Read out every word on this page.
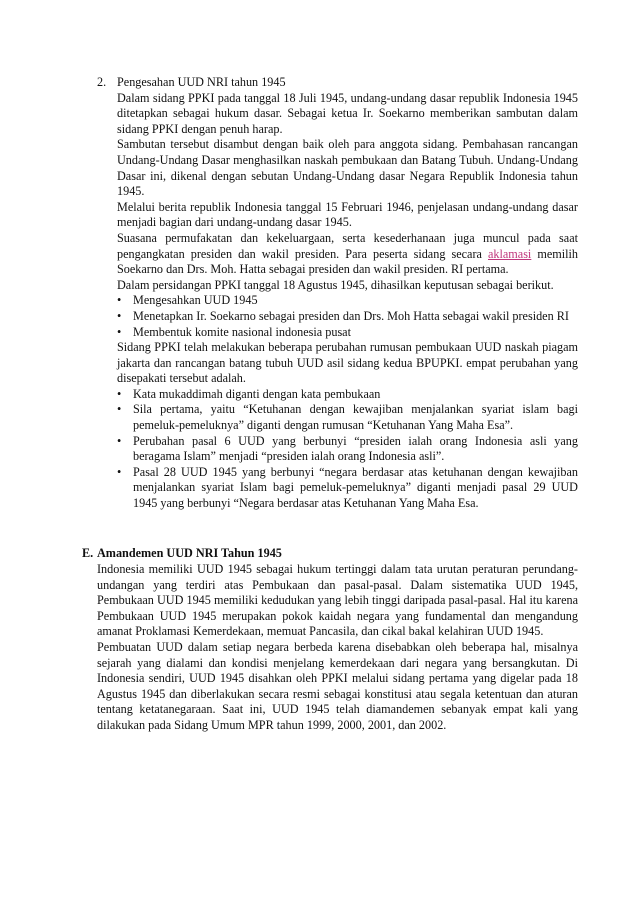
2. Pengesahan UUD NRI tahun 1945

Dalam sidang PPKI pada tanggal 18 Juli 1945, undang-undang dasar republik Indonesia 1945 ditetapkan sebagai hukum dasar. Sebagai ketua Ir. Soekarno memberikan sambutan dalam sidang PPKI dengan penuh harap.

Sambutan tersebut disambut dengan baik oleh para anggota sidang. Pembahasan rancangan Undang-Undang Dasar menghasilkan naskah pembukaan dan Batang Tubuh. Undang-Undang Dasar ini, dikenal dengan sebutan Undang-Undang dasar Negara Republik Indonesia tahun 1945.

Melalui berita republik Indonesia tanggal 15 Februari 1946, penjelasan undang-undang dasar menjadi bagian dari undang-undang dasar 1945.

Suasana permufakatan dan kekeluargaan, serta kesederhanaan juga muncul pada saat pengangkatan presiden dan wakil presiden. Para peserta sidang secara aklamasi memilih Soekarno dan Drs. Moh. Hatta sebagai presiden dan wakil presiden. RI pertama.

Dalam persidangan PPKI tanggal 18 Agustus 1945, dihasilkan keputusan sebagai berikut.

• Mengesahkan UUD 1945
• Menetapkan Ir. Soekarno sebagai presiden dan Drs. Moh Hatta sebagai wakil presiden RI
• Membentuk komite nasional indonesia pusat

Sidang PPKI telah melakukan beberapa perubahan rumusan pembukaan UUD naskah piagam jakarta dan rancangan batang tubuh UUD asil sidang kedua BPUPKI. empat perubahan yang disepakati tersebut adalah.

• Kata mukaddimah diganti dengan kata pembukaan
• Sila pertama, yaitu “Ketuhanan dengan kewajiban menjalankan syariat islam bagi pemeluk-pemeluknya” diganti dengan rumusan “Ketuhanan Yang Maha Esa”.
• Perubahan pasal 6 UUD yang berbunyi “presiden ialah orang Indonesia asli yang beragama Islam” menjadi “presiden ialah orang Indonesia asli”.
• Pasal 28 UUD 1945 yang berbunyi “negara berdasar atas ketuhanan dengan kewajiban menjalankan syariat Islam bagi pemeluk-pemeluknya” diganti menjadi pasal 29 UUD 1945 yang berbunyi “Negara berdasar atas Ketuhanan Yang Maha Esa.
E. Amandemen UUD NRI Tahun 1945

Indonesia memiliki UUD 1945 sebagai hukum tertinggi dalam tata urutan peraturan perundang-undangan yang terdiri atas Pembukaan dan pasal-pasal. Dalam sistematika UUD 1945, Pembukaan UUD 1945 memiliki kedudukan yang lebih tinggi daripada pasal-pasal. Hal itu karena Pembukaan UUD 1945 merupakan pokok kaidah negara yang fundamental dan mengandung amanat Proklamasi Kemerdekaan, memuat Pancasila, dan cikal bakal kelahiran UUD 1945.

Pembuatan UUD dalam setiap negara berbeda karena disebabkan oleh beberapa hal, misalnya sejarah yang dialami dan kondisi menjelang kemerdekaan dari negara yang bersangkutan. Di Indonesia sendiri, UUD 1945 disahkan oleh PPKI melalui sidang pertama yang digelar pada 18 Agustus 1945 dan diberlakukan secara resmi sebagai konstitusi atau segala ketentuan dan aturan tentang ketatanegaraan. Saat ini, UUD 1945 telah diamandemen sebanyak empat kali yang dilakukan pada Sidang Umum MPR tahun 1999, 2000, 2001, dan 2002.
